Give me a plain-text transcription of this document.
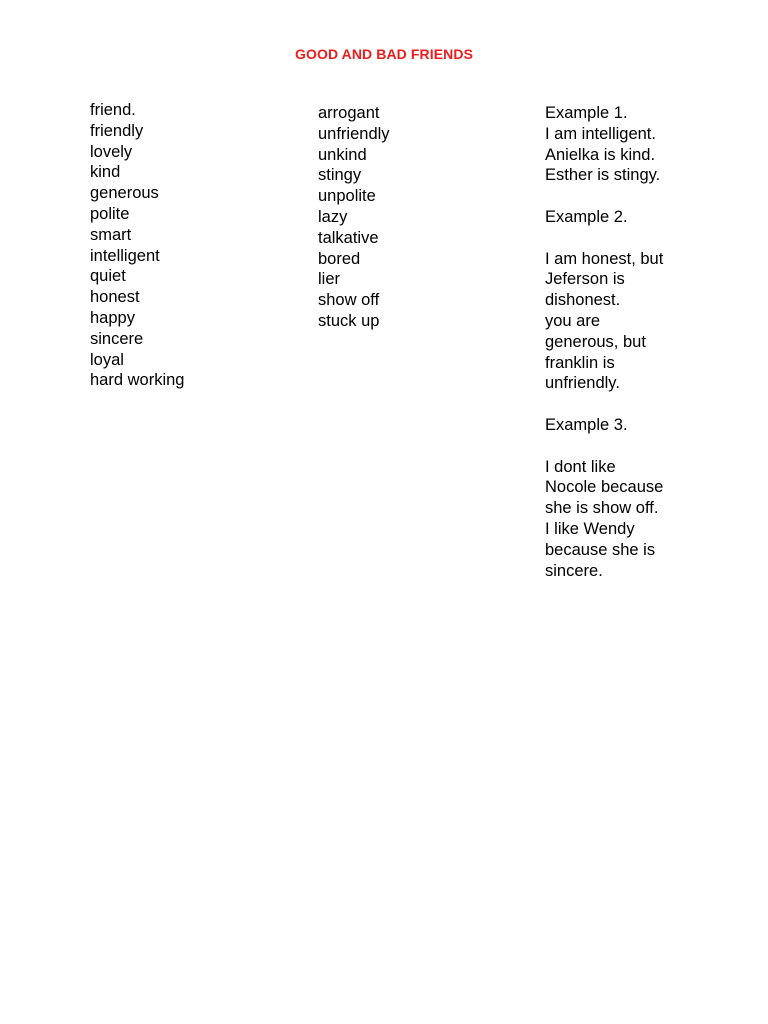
GOOD AND BAD FRIENDS
friend.
friendly
lovely
kind
generous
polite
smart
intelligent
quiet
honest
happy
sincere
loyal
hard working
arrogant
unfriendly
unkind
stingy
unpolite
lazy
talkative
bored
lier
show off
stuck up
Example 1.
I am intelligent.
Anielka is kind.
Esther is stingy.
Example 2.
I am honest, but
Jeferson is
dishonest.
you are
generous, but
franklin is
unfriendly.
Example 3.
I dont like
Nocole because
she is show off.
I like Wendy
because she is
sincere.
